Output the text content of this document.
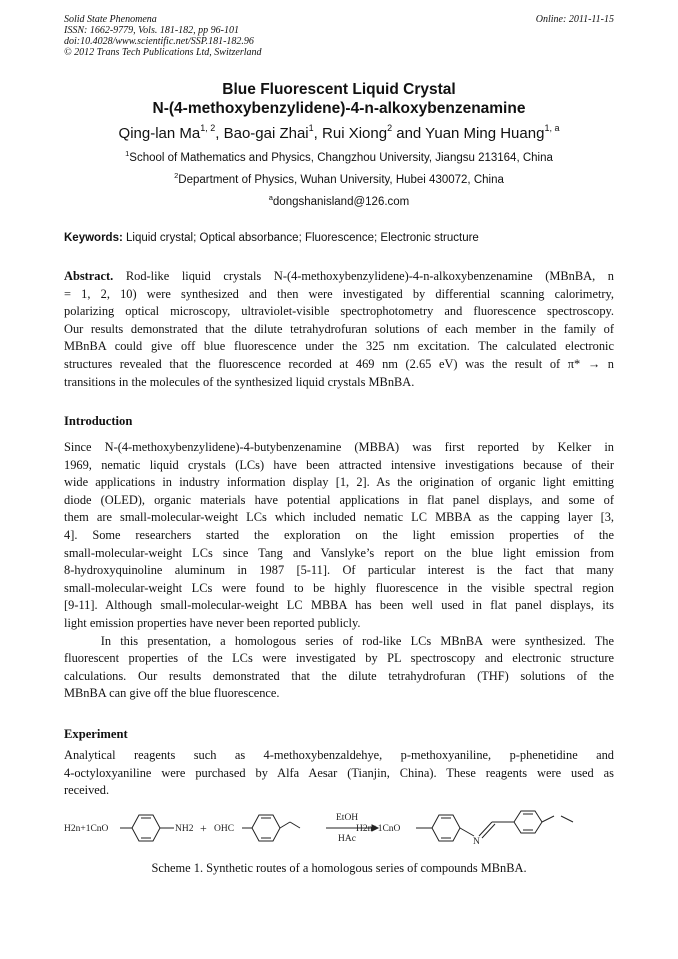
Solid State Phenomena
ISSN: 1662-9779, Vols. 181-182, pp 96-101
doi:10.4028/www.scientific.net/SSP.181-182.96
© 2012 Trans Tech Publications Ltd, Switzerland
Online: 2011-11-15
Blue Fluorescent Liquid Crystal
N-(4-methoxybenzylidene)-4-n-alkoxybenzenamine
Qing-lan Ma$^{1, 2}$, Bao-gai Zhai$^1$, Rui Xiong$^2$ and Yuan Ming Huang$^{1, a}$
$^1$School of Mathematics and Physics, Changzhou University, Jiangsu 213164, China
$^2$Department of Physics, Wuhan University, Hubei 430072, China
$^a$dongshanisland@126.com
Keywords: Liquid crystal; Optical absorbance; Fluorescence; Electronic structure
Abstract. Rod-like liquid crystals N-(4-methoxybenzylidene)-4-n-alkoxybenzenamine (MBnBA, n
= 1, 2, 10) were synthesized and then were investigated by differential scanning calorimetry,
polarizing optical microscopy, ultraviolet-visible spectrophotometry and fluorescence spectroscopy.
Our results demonstrated that the dilute tetrahydrofuran solutions of each member in the family of
MBnBA could give off blue fluorescence under the 325 nm excitation. The calculated electronic
structures revealed that the fluorescence recorded at 469 nm (2.65 eV) was the result of π* → n
transitions in the molecules of the synthesized liquid crystals MBnBA.
Introduction
Since N-(4-methoxybenzylidene)-4-butybenzenamine (MBBA) was first reported by Kelker in
1969, nematic liquid crystals (LCs) have been attracted intensive investigations because of their
wide applications in industry information display [1, 2]. As the origination of organic light emitting
diode (OLED), organic materials have potential applications in flat panel displays, and some of
them are small-molecular-weight LCs which included nematic LC MBBA as the capping layer [3,
4]. Some researchers started the exploration on the light emission properties of the
small-molecular-weight LCs since Tang and Vanslyke’s report on the blue light emission from
8-hydroxyquinoline aluminum in 1987 [5-11]. Of particular interest is the fact that many
small-molecular-weight LCs were found to be highly fluorescence in the visible spectral region
[9-11]. Although small-molecular-weight LC MBBA has been well used in flat panel displays, its
light emission properties have never been reported publicly.
In this presentation, a homologous series of rod-like LCs MBnBA were synthesized. The
fluorescent properties of the LCs were investigated by PL spectroscopy and electronic structure
calculations. Our results demonstrated that the dilute tetrahydrofuran (THF) solutions of the
MBnBA can give off the blue fluorescence.
Experiment
Analytical reagents such as 4-methoxybenzaldehye, p-methoxyaniline, p-phenetidine and
4-octyloxyaniline were purchased by Alfa Aesar (Tianjin, China). These reagents were used as
received.
H2n+1CnO	NH2 + OHC
EtOH
HAc
H2n+1CnO
N
Scheme 1. Synthetic routes of a homologous series of compounds MBnBA.
